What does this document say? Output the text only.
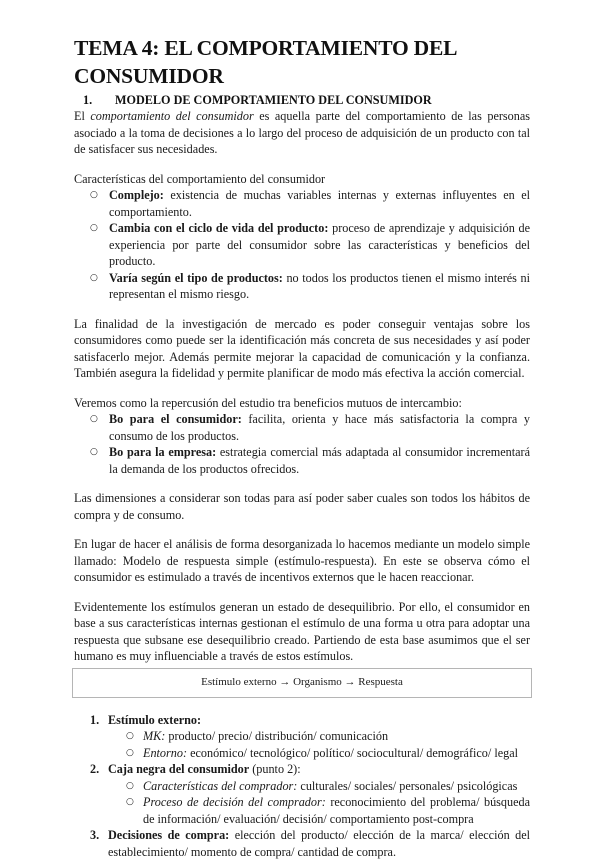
TEMA 4: EL COMPORTAMIENTO DEL CONSUMIDOR
1.	MODELO DE COMPORTAMIENTO DEL CONSUMIDOR

El comportamiento del consumidor es aquella parte del comportamiento de las personas asociado a la toma de decisiones a lo largo del proceso de adquisición de un producto con tal de satisfacer sus necesidades.

Características del comportamiento del consumidor

○ Complejo: existencia de muchas variables internas y externas influyentes en el comportamiento.
○ Cambia con el ciclo de vida del producto: proceso de aprendizaje y adquisición de experiencia por parte del consumidor sobre las características y beneficios del producto.
○ Varía según el tipo de productos: no todos los productos tienen el mismo interés ni representan el mismo riesgo.

La finalidad de la investigación de mercado es poder conseguir ventajas sobre los consumidores como puede ser la identificación más concreta de sus necesidades y así poder satisfacerlo mejor. Además permite mejorar la capacidad de comunicación y la confianza. También asegura la fidelidad y permite planificar de modo más efectiva la acción comercial.

Veremos como la repercusión del estudio tra beneficios mutuos de intercambio:

○ Bo para el consumidor: facilita, orienta y hace más satisfactoria la compra y consumo de los productos.
○ Bo para la empresa: estrategia comercial más adaptada al consumidor incrementará la demanda de los productos ofrecidos.

Las dimensiones a considerar son todas para así poder saber cuales son todos los hábitos de compra y de consumo.

En lugar de hacer el análisis de forma desorganizada lo hacemos mediante un modelo simple llamado: Modelo de respuesta simple (estímulo-respuesta). En este se observa cómo el consumidor es estimulado a través de incentivos externos que le hacen reaccionar.

Evidentemente los estímulos generan un estado de desequilibrio. Por ello, el consumidor en base a sus características internas gestionan el estímulo de una forma u otra para adoptar una respuesta que subsane ese desequilibrio creado. Partiendo de esta base asumimos que el ser humano es muy influenciable a través de estos estímulos.

Estímulo externo → Organismo → Respuesta
1. Estímulo externo:
○ MK: producto/ precio/ distribución/ comunicación
○ Entorno: económico/ tecnológico/ político/ sociocultural/ demográfico/ legal
2. Caja negra del consumidor (punto 2):
○ Características del comprador: culturales/ sociales/ personales/ psicológicas
○ Proceso de decisión del comprador: reconocimiento del problema/ búsqueda de información/ evaluación/ decisión/ comportamiento post-compra
3. Decisiones de compra: elección del producto/ elección de la marca/ elección del establecimiento/ momento de compra/ cantidad de compra.
